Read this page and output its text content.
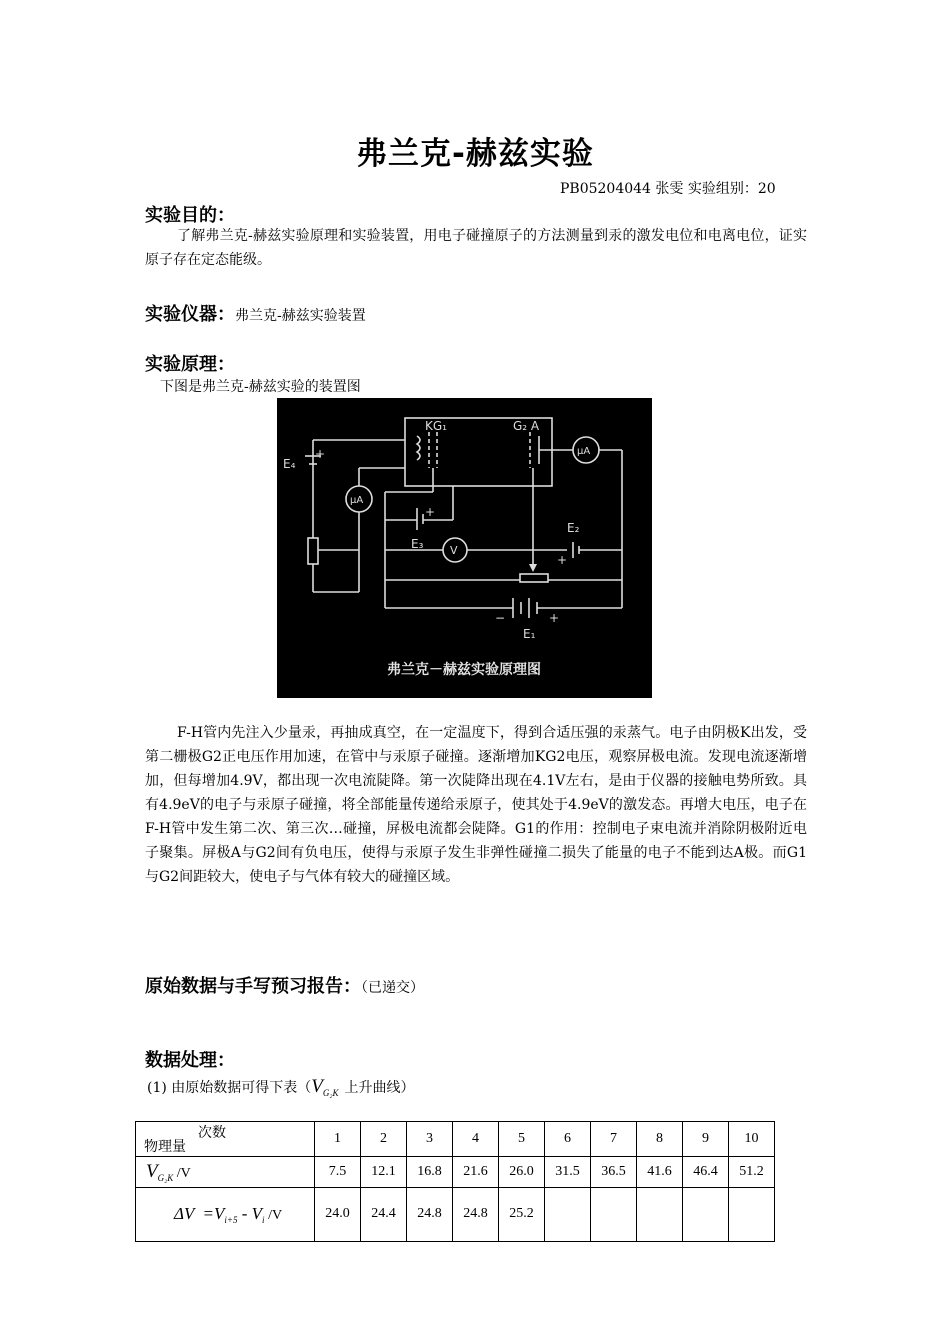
弗兰克-赫兹实验
PB05204044 张雯 实验组别：20
实验目的：
了解弗兰克-赫兹实验原理和实验装置，用电子碰撞原子的方法测量到汞的激发电位和电离电位，证实原子存在定态能级。
实验仪器：弗兰克-赫兹实验装置
实验原理：
下图是弗兰克-赫兹实验的装置图
KG₁	G₂ A
E₄
E₃
E₂
E₁
μA
μA
V
+
+
+
+
−
弗兰克－赫兹实验原理图
F-H管内先注入少量汞，再抽成真空，在一定温度下，得到合适压强的汞蒸气。电子由阴极K出发，受第二栅极G2正电压作用加速，在管中与汞原子碰撞。逐渐增加KG2电压，观察屏极电流。发现电流逐渐增加，但每增加4.9V，都出现一次电流陡降。第一次陡降出现在4.1V左右，是由于仪器的接触电势所致。具有4.9eV的电子与汞原子碰撞，将全部能量传递给汞原子，使其处于4.9eV的激发态。再增大电压，电子在F-H管中发生第二次、第三次…碰撞，屏极电流都会陡降。G1的作用：控制电子束电流并消除阴极附近电子聚集。屏极A与G2间有负电压，使得与汞原子发生非弹性碰撞二损失了能量的电子不能到达A极。而G1与G2间距较大，使电子与气体有较大的碰撞区域。
原始数据与手写预习报告：（已递交）
数据处理：
(1) 由原始数据可得下表（$V_{G_2K}$ 上升曲线）
次数
物理量	1	2	3	4	5	6	7	8	9	10
$V_{G_2K}$ /V	7.5	12.1	16.8	21.6	26.0	31.5	36.5	41.6	46.4	51.2

$\Delta V =V_{i+5} - V_i$ /V	24.0	24.4	24.8	24.8	25.2					
